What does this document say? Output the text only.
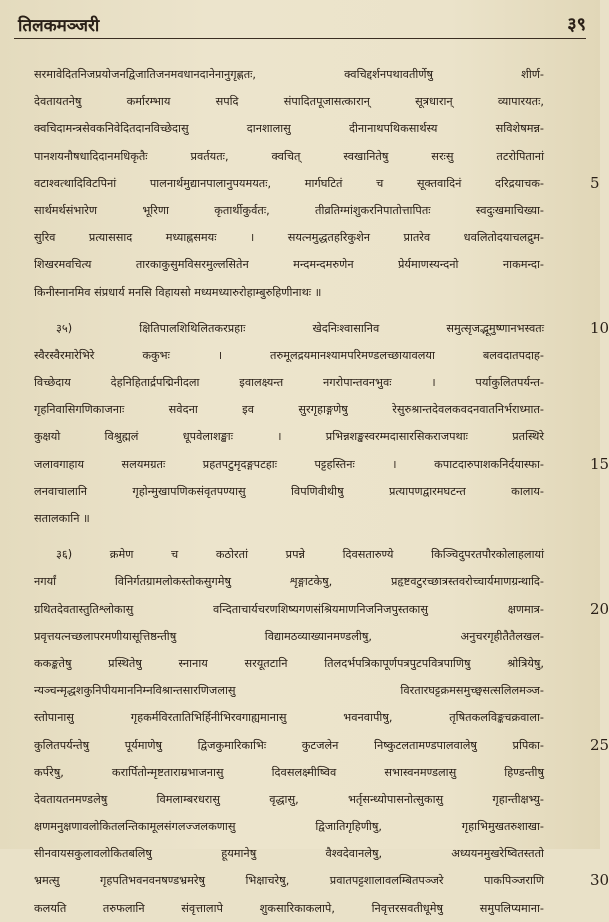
तिलकमञ्जरी	३९
सरमावेदितनिजप्रयोजनद्विजातिजनमवधानदानेनानुगृह्णतः, क्वचिद्दर्शनपथावतीर्णेषु शीर्ण-
देवतायतनेषु कर्मारम्भाय सपदि संपादितपूजासत्कारान् सूत्रधारान् व्यापारयतः,
क्वचिदामन्त्रसेवकनिवेदितदानविच्छेदासु दानशालासु दीनानाथपथिकसार्थस्य सविशेषमन्न-
पानशयनौषधादिदानमधिकृतैः प्रवर्तयतः, क्वचित् स्वखानितेषु सरःसु तटरोपितानां
वटाश्वत्थादिविटपिनां पालनार्थमुद्यानपालानुपयमयतः, मार्गघटितं च सूक्तवादिनं दरिद्रयाचक-	5
सार्थमर्थसंभारेण भूरिणा कृतार्थीकुर्वतः, तीव्रतिग्मांशुकरनिपातोत्तापितः स्वदुःखमाचिख्या-
सुरिव प्रत्याससाद मध्याह्नसमयः । सयत्नमुद्धतहरिकुशेन प्रातरेव धवलितोदयाचलद्रुम-
शिखरमवचित्य तारकाकुसुमविसरमुल्लसितेन मन्दमन्दमरुणेन प्रेर्यमाणस्यन्दनो नाकमन्दा-
किनीस्नानमिव संप्रधार्य मनसि विहायसो मध्यमध्यारुरोहाम्बुरुहिणीनाथः ॥
३५) क्षितिपालशिथिलितकरप्रहाः खेदनिःश्वासानिव समुत्सृजद्भूमुष्णानभस्वतः	10
स्वैरस्वैरमारेभिरे ककुभः । तरुमूलद्रयमानश्यामपरिमण्डलच्छायावलया बलवदातपदाह-
विच्छेदाय देहनिहितार्द्रपद्मिनीदला इवालक्ष्यन्त नगरोपान्तवनभुवः । पर्याकुलितपर्यन्त-
गृहनिवासिगणिकाजनाः सवेदना इव सुरगृहाङ्गणेषु रेसुरुश्रान्तदेवलकवदनवातनिर्भराध्मात-
कुक्षयो विश्रुह्मलं धूपवेलाशङ्खाः । प्रभिन्नशङ्खस्वरम्मदासारसिकराजपथाः प्रतस्थिरे
जलावगाहाय सलयमग्रतः प्रहतपटुमृदङ्गपटहाः पट्टहस्तिनः । कपाटदारुपाशकनिर्दयास्फा-	15
लनवाचालानि गृहोन्मुखापणिकसंवृतपण्यासु विपणिवीथीषु प्रत्यापणद्वारमघटन्त कालाय-
सतालकानि ॥
३६) क्रमेण च कठोरतां प्रपन्ने दिवसतारुण्ये किञ्चिदुपरतपौरकोलाहलायां
नगर्यां विनिर्गतग्रामलोकस्तोकसुगमेषु शृङ्गाटकेषु, प्रहृष्टवटुरच्छात्रस्तवरोच्चार्यमाणग्रन्थादि-
ग्रथितदेवतास्तुतिश्लोकासु वन्दिताचार्यचरणशिष्यगणसंश्रियमाणनिजनिजपुस्तकासु क्षणमात्र-	20
प्रवृत्तयत्नच्छलापरमणीयासूत्तिष्ठन्तीषु विद्यामठव्याख्यानमण्डलीषु, अनुचरगृहीतैतैलखल-
ककङ्कतेषु प्रस्थितेषु स्नानाय सरयूतटानि तिलदर्भपत्रिकापूर्णपत्रपुटपवित्रपाणिषु श्रोत्रियेषु,
न्यञ्चन्मृद्धशकुनिपीयमाननिम्नविश्रान्तसारणिजलासु विरतारघट्टक्रमसमुच्छ्वसत्सलिलमञ्ज-
स्तोपानासु गृहकर्मविरतातिभिर्हिनीभिरवगाह्यमानासु भवनवापीषु, तृषितकलविङ्कचक्रवाला-
कुलितपर्यन्तेषु पूर्यमाणेषु द्विजकुमारिकाभिः कुटजलेन निष्कुटलतामण्डपालवालेषु प्रपिका-	25
कर्परेषु, करार्पितोन्मृष्टताराम्रभाजनासु दिवसलक्ष्मीष्विव सभास्वनमण्डलासु हिण्डन्तीषु
देवतायतनमण्डलेषु विमलाम्बरधरासु वृद्धासु, भर्तृसन्ध्योपासनोत्सुकासु गृहान्तीक्षभ्यु-
क्षणमनुक्षणावलोकितलन्तिकामूलसंगलज्जलकणासु द्विजातिगृहिणीषु, गृहाभिमुखतरुशाखा-
सीनवायसकुलावलोकितबलिषु हूयमानेषु वैश्वदेवानलेषु, अध्ययनमुखरेष्वितस्ततो
भ्रमत्सु गृहपतिभवनवनषण्डभ्रमरेषु भिक्षाचरेषु, प्रवातपट्टशालावलम्बितपञ्जरे पाकपिञ्जराणि	30
कलयति तरुफलानि संवृत्तालापे शुकसारिकाकलापे, निवृत्तरसवतीधूमेषु समुपलिप्यमाना-
